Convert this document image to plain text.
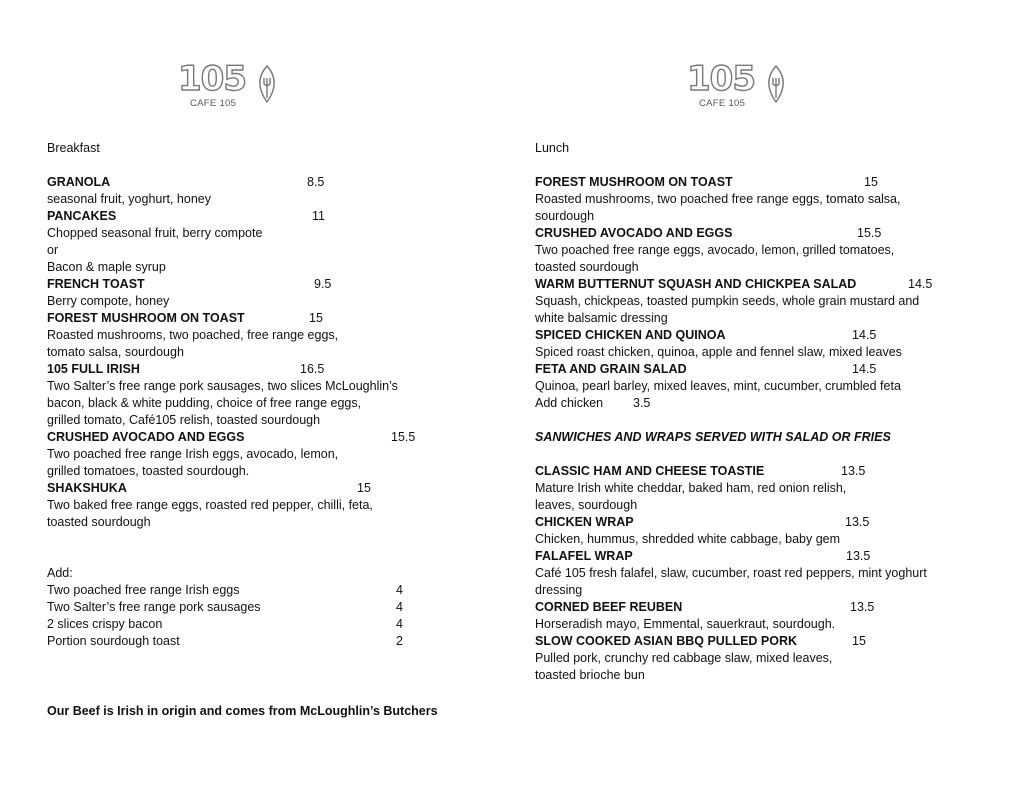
105
CAFE 105
105
CAFE 105
Breakfast
GRANOLA	8.5
seasonal fruit, yoghurt, honey
PANCAKES	11
Chopped seasonal fruit, berry compote
or
Bacon & maple syrup
FRENCH TOAST	9.5
Berry compote, honey
FOREST MUSHROOM ON TOAST	15
Roasted mushrooms, two poached, free range eggs,
tomato salsa, sourdough
105 FULL IRISH	16.5
Two Salter’s free range pork sausages, two slices McLoughlin’s
bacon, black & white pudding, choice of free range eggs,
grilled tomato, Café105 relish, toasted sourdough
CRUSHED AVOCADO AND EGGS	15.5
Two poached free range Irish eggs, avocado, lemon,
grilled tomatoes, toasted sourdough.
SHAKSHUKA	15
Two baked free range eggs, roasted red pepper, chilli, feta,
toasted sourdough
Add:
Two poached free range Irish eggs	4
Two Salter’s free range pork sausages	4
2 slices crispy bacon	4
Portion sourdough toast	2
Lunch
FOREST MUSHROOM ON TOAST	15
Roasted mushrooms, two poached free range eggs, tomato salsa,
sourdough
CRUSHED AVOCADO AND EGGS	15.5
Two poached free range eggs, avocado, lemon, grilled tomatoes,
toasted sourdough
WARM BUTTERNUT SQUASH AND CHICKPEA SALAD	14.5
Squash, chickpeas, toasted pumpkin seeds, whole grain mustard and
white balsamic dressing
SPICED CHICKEN AND QUINOA	14.5
Spiced roast chicken, quinoa, apple and fennel slaw, mixed leaves
FETA AND GRAIN SALAD	14.5
Quinoa, pearl barley, mixed leaves, mint, cucumber, crumbled feta
Add chicken 3.5
SANWICHES AND WRAPS SERVED WITH SALAD OR FRIES
CLASSIC HAM AND CHEESE TOASTIE	13.5
Mature Irish white cheddar, baked ham, red onion relish,
leaves, sourdough
CHICKEN WRAP	13.5
Chicken, hummus, shredded white cabbage, baby gem
FALAFEL WRAP	13.5
Café 105 fresh falafel, slaw, cucumber, roast red peppers, mint yoghurt
dressing
CORNED BEEF REUBEN	13.5
Horseradish mayo, Emmental, sauerkraut, sourdough.
SLOW COOKED ASIAN BBQ PULLED PORK	15
Pulled pork, crunchy red cabbage slaw, mixed leaves,
toasted brioche bun
Our Beef is Irish in origin and comes from McLoughlin’s Butchers
